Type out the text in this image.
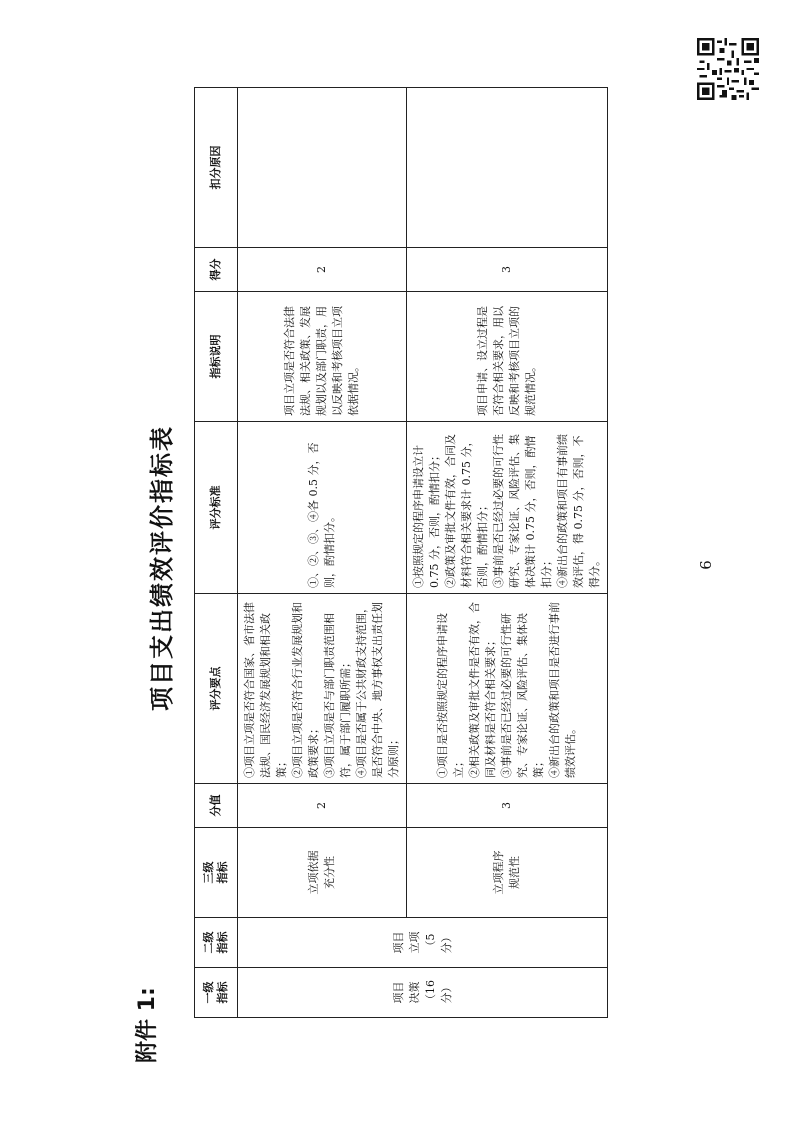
9
附件 1:
项目支出绩效评价指标表
一级
指标	二级
指标	三级
指标	分值	评分要点	评分标准	指标说明	得分	扣分原因

项目
决策
（16
分）	项目
立项
（5
分）	立项依据
充分性	2	①项目立项是否符合国家、省市法律法规、国民经济发展规划和相关政策；
②项目立项是否符合行业发展规划和政策要求；
③项目立项是否与部门职责范围相符，属于部门履职所需；
④项目是否属于公共财政支持范围，是否符合中央、地方事权支出责任划分原则；	①、②、③、④各 0.5 分，否则，酌情扣分。	项目立项是否符合法律法规、相关政策、发展规划以及部门职责，用以反映和考核项目立项依据情况。	2	

		立项程序
规范性	3	①项目是否按照规定的程序申请设立；
②相关政策及审批文件是否有效，合同及材料是否符合相关要求；
③事前是否已经过必要的可行性研究、专家论证、风险评估、集体决策；
④新出台的政策和项目是否进行事前绩效评估。	①按照规定的程序申请设立计 0.75 分，否则，酌情扣分；
②政策及审批文件有效，合同及材料符合相关要求计 0.75 分，否则，酌情扣分；
③事前是否已经过必要的可行性研究、专家论证、风险评估、集体决策计 0.75 分，否则，酌情扣分；
④新出台的政策和项目有事前绩效评估，得 0.75 分，否则，不得分。	项目申请、设立过程是否符合相关要求，用以反映和考核项目立项的规范情况。	3	
